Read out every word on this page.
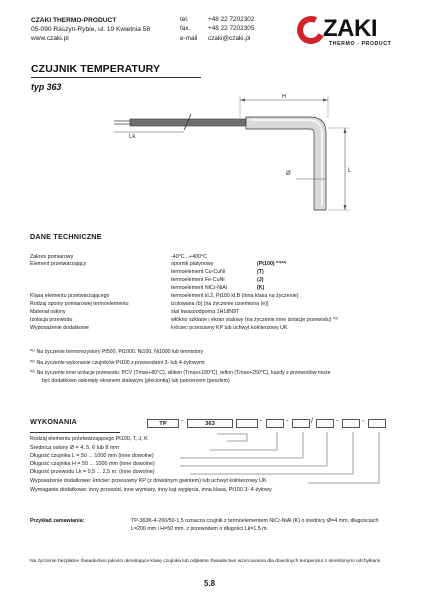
CZAKI THERMO-PRODUCT
05-090 Raszyn-Rybie, ul. 19 Kwietnia 58
www.czaki.pl
tel.	+48 22 7202302
fax.	+48 22 7202305
e-mail czaki@czaki.pl	ZAKI
THERMO - PRODUCT
CZUJNIK TEMPERATURY
typ 363
H
Lk
L
Ø
DANE TECHNICZNE
Zakres pomiarowy	-40°C...+400°C
Element przetwarzający	opornik platynowy	(Pt100) *¹⁾*²⁾
termoelement Cu-CuNi	(T)
termoelement Fe-CuNi	(J)
termoelement NiCr-NiAl	(K)
Klasa elementu przetwarzającego	termoelement kl.2, Pt100 kl.B (inna klasa na życzenie)
Rodzaj spoiny pomiarowej termoelementu	izolowana (b) [na życzenie uziemiona (e)]
Materiał osłony	stal kwasoodporna 1H18N9T
Izolacja przewodu	włókno szklane i ekran stalowy (na życzenie inne izolacje przewodu) *³⁾
Wyposażenie dodatkowe	króciec przesuwny KP lub uchwyt kołnierzowy UK
*¹⁾ Na życzenie termorezystory Pt500, Pt1000, Ni100, Ni1000 lub termistory
*²⁾ Na życzenie wykonanie czujników Pt100 z przewodami 3- lub 4-żyłowymi
*³⁾ Na życzenie inne izolacje przewodu: PCV (Tmax+80°C), silikon (Tmax+180°C), teflon (Tmax+250°C), każdy z przewodów może
być dodatkowo osłonięty ekranem stalowym (plecionką) lub pancerzem (peszlem)
WYKONANIA	TP	-	363	-	-	/	-	-
Rodzaj elementu przetwarzającego Pt100, T, J, K
Średnica osłony Ø = 4, 5, 6 lub 8 mm
Długość czujnika L = 50 ... 1000 mm (inne dowolne)
Długość czujnika H = 50 ... 1000 mm (inne dowolne)
Długość przewodu Lk = 0,5 ... 2,5 m. (inne dowolne)
Wyposażenie dodatkowe: króciec przesuwny KP (z dowolnym gwintem) lub uchwyt kołnierzowy UK
Wymaganie dodatkowe: inny przewód, inne wymiary, inny kąt wygięcia, inna klasa, Pt100 3- 4-żyłowy
Przykład zamawiania:	TP-363K-4-200/50-1,5 oznacza czujnik z termoelementem NiCr-NiAl (K) o średnicy Ø=4 mm, długościach
L=200 mm i H=50 mm, z przewodem o długości Lk=1,5 m.
Na życzenie bezpłatne Świadectwo jakości określające klasę czujnika lub odpłatne Świadectwo wzorcowania dla dowolnych temperatur z określonymi odchyłkami
5.8
